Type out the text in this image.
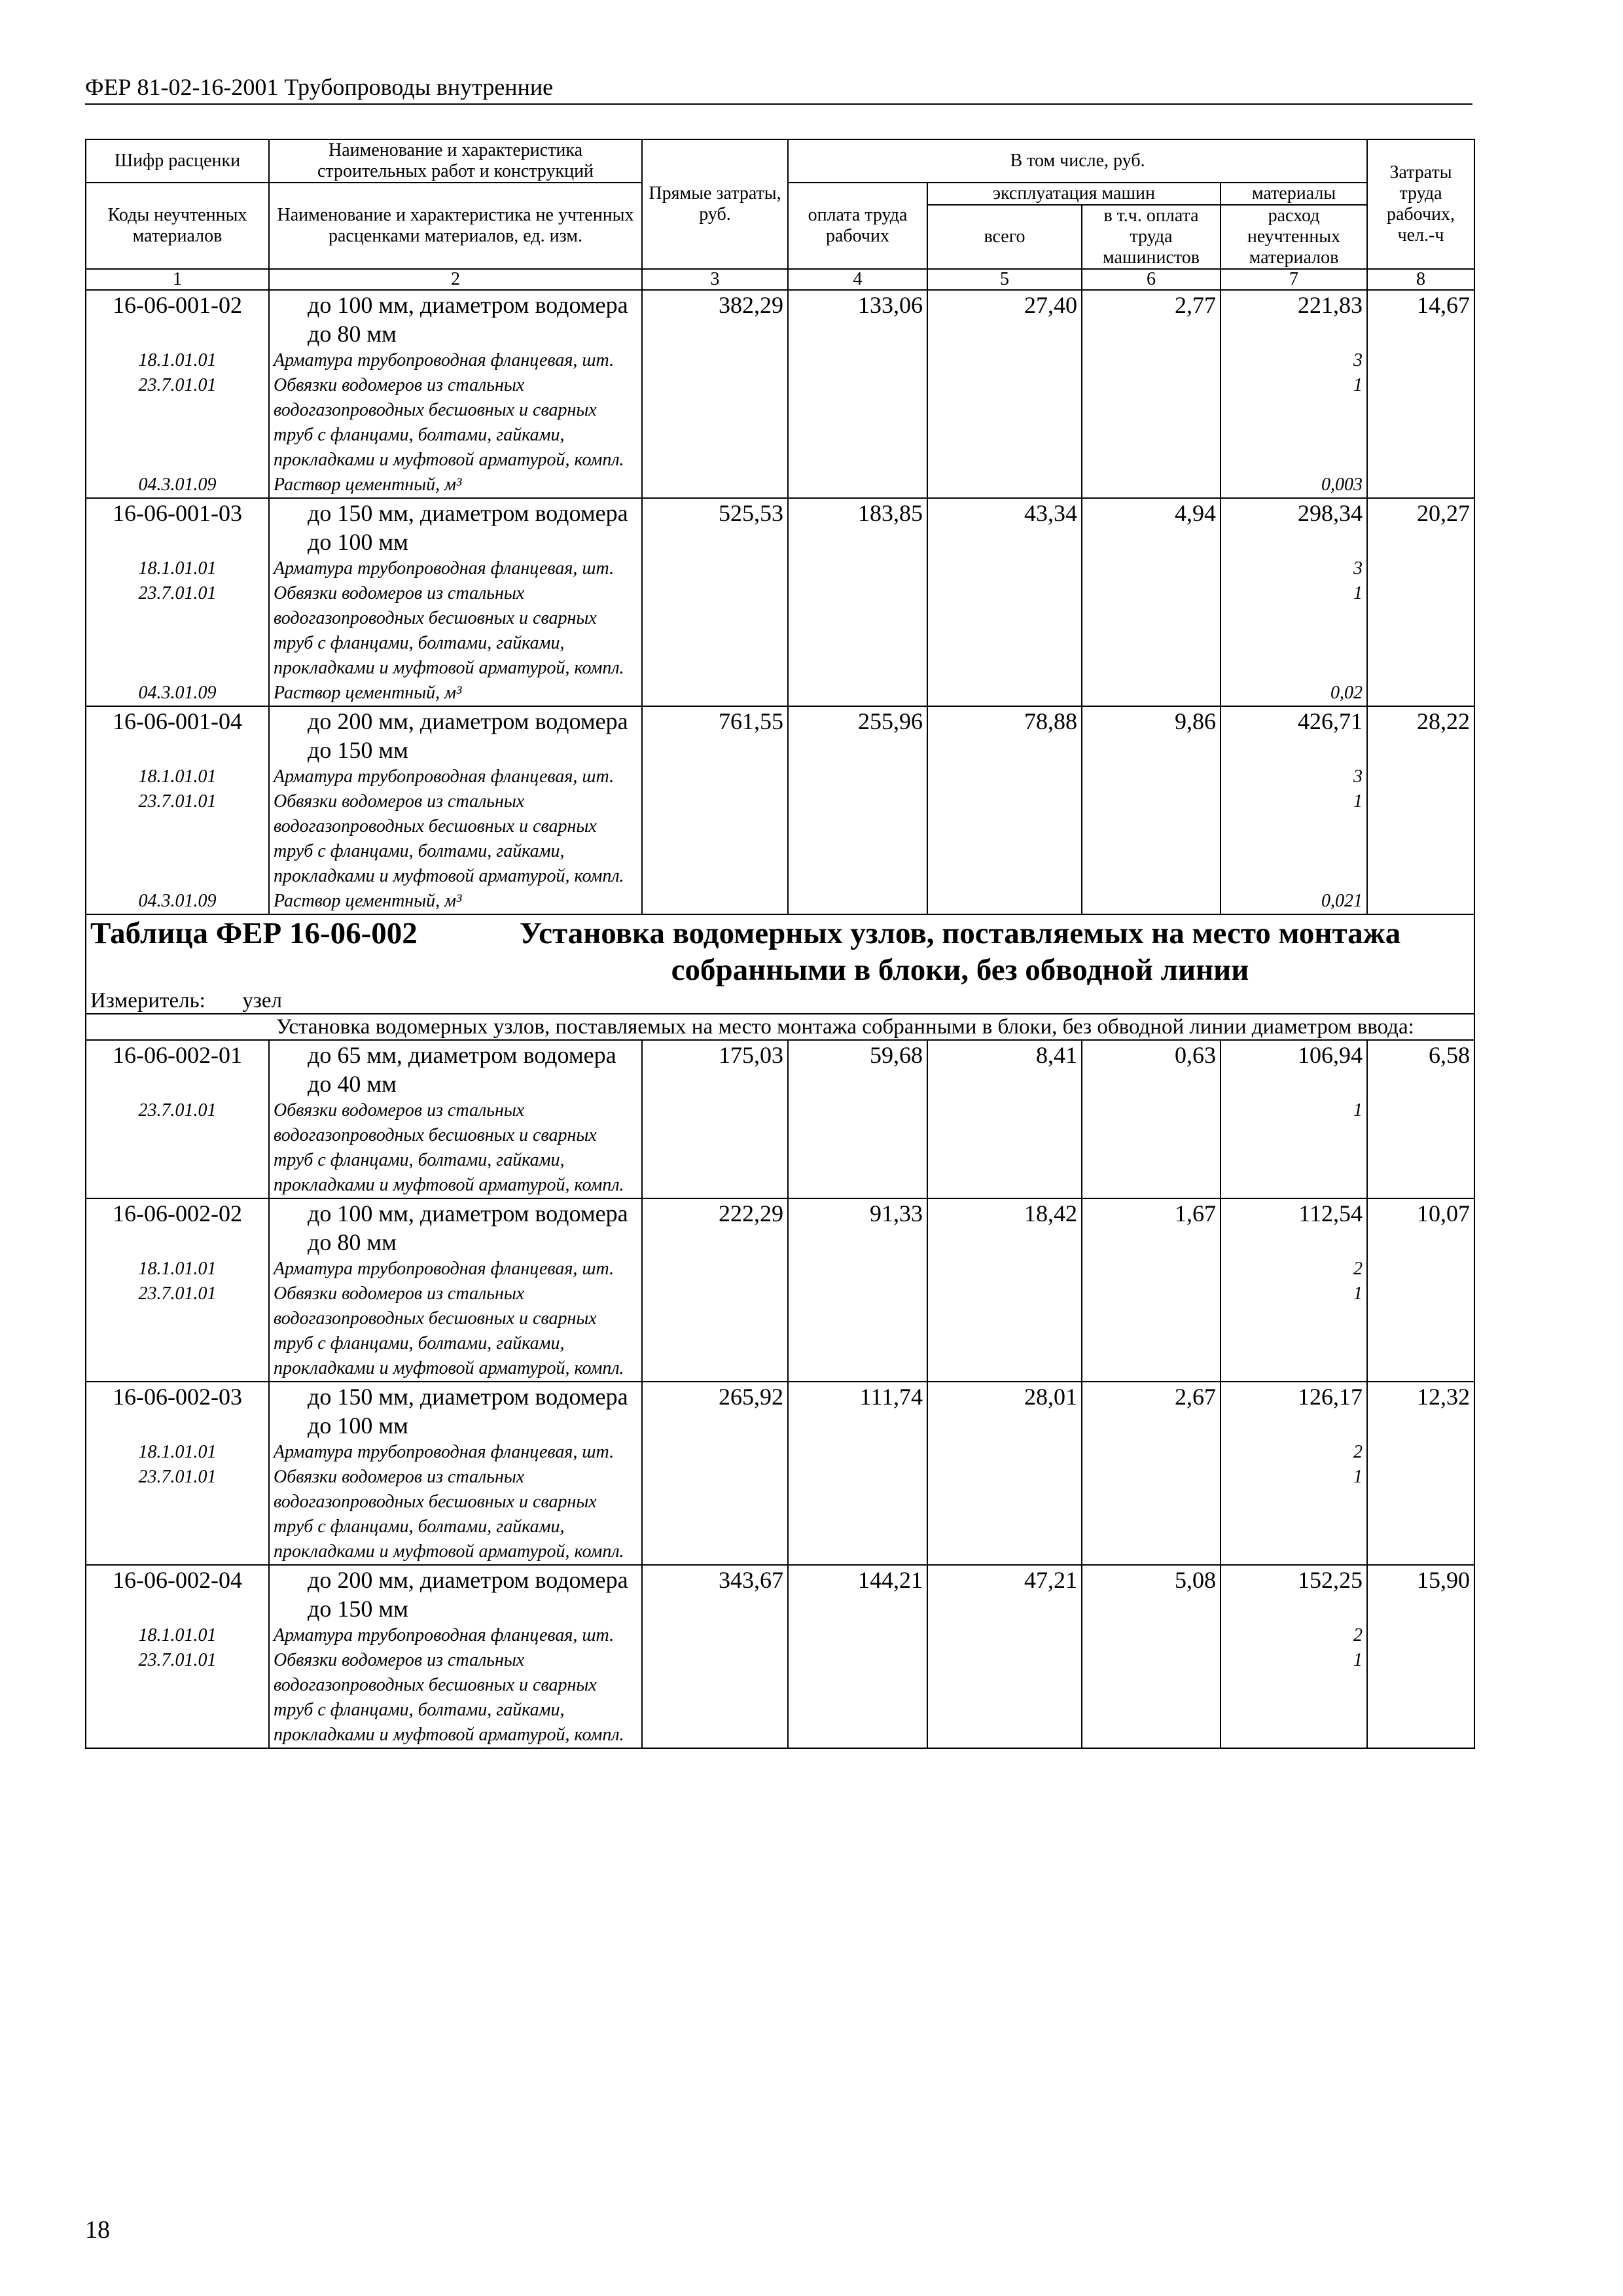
ФЕР 81-02-16-2001 Трубопроводы внутренние
Шифр расценки	Наименование и характеристика строительных работ и конструкций	Прямые затраты, руб.	В том числе, руб.				Затраты труда рабочих, чел.-ч
Коды неучтенных материалов	Наименование и характеристика не учтенных расценками материалов, ед. изм.		оплата труда рабочих	эксплуатация машин		материалы	
				всего	в т.ч. оплата труда машинистов	расход неучтенных материалов	

1	2	3	4	5	6	7	8
16-06-001-02	до 100 мм, диаметром водомера до 80 мм	382,29	133,06	27,40	2,77	221,83	14,67
18.1.01.01	Арматура трубопроводная фланцевая, шт.					3	
23.7.01.01	Обвязки водомеров из стальных водогазопроводных бесшовных и сварных труб с фланцами, болтами, гайками, прокладками и муфтовой арматурой, компл.					1	
04.3.01.09	Раствор цементный, м³					0,003	
16-06-001-03	до 150 мм, диаметром водомера до 100 мм	525,53	183,85	43,34	4,94	298,34	20,27
18.1.01.01	Арматура трубопроводная фланцевая, шт.					3	
23.7.01.01	Обвязки водомеров из стальных водогазопроводных бесшовных и сварных труб с фланцами, болтами, гайками, прокладками и муфтовой арматурой, компл.					1	
04.3.01.09	Раствор цементный, м³					0,02	
16-06-001-04	до 200 мм, диаметром водомера до 150 мм	761,55	255,96	78,88	9,86	426,71	28,22
18.1.01.01	Арматура трубопроводная фланцевая, шт.					3	
23.7.01.01	Обвязки водомеров из стальных водогазопроводных бесшовных и сварных труб с фланцами, болтами, гайками, прокладками и муфтовой арматурой, компл.					1	
04.3.01.09	Раствор цементный, м³					0,021	

Таблица ФЕР 16-06-002 Установка водомерных узлов, поставляемых на место монтажа собранными в блоки, без обводной линии							

Измеритель: узел							
Установка водомерных узлов, поставляемых на место монтажа собранными в блоки, без обводной линии диаметром ввода:							
16-06-002-01	до 65 мм, диаметром водомера до 40 мм	175,03	59,68	8,41	0,63	106,94	6,58
23.7.01.01	Обвязки водомеров из стальных водогазопроводных бесшовных и сварных труб с фланцами, болтами, гайками, прокладками и муфтовой арматурой, компл.					1	
16-06-002-02	до 100 мм, диаметром водомера до 80 мм	222,29	91,33	18,42	1,67	112,54	10,07
18.1.01.01	Арматура трубопроводная фланцевая, шт.					2	
23.7.01.01	Обвязки водомеров из стальных водогазопроводных бесшовных и сварных труб с фланцами, болтами, гайками, прокладками и муфтовой арматурой, компл.					1	
16-06-002-03	до 150 мм, диаметром водомера до 100 мм	265,92	111,74	28,01	2,67	126,17	12,32
18.1.01.01	Арматура трубопроводная фланцевая, шт.					2	
23.7.01.01	Обвязки водомеров из стальных водогазопроводных бесшовных и сварных труб с фланцами, болтами, гайками, прокладками и муфтовой арматурой, компл.					1	
16-06-002-04	до 200 мм, диаметром водомера до 150 мм	343,67	144,21	47,21	5,08	152,25	15,90
18.1.01.01	Арматура трубопроводная фланцевая, шт.					2	
23.7.01.01	Обвязки водомеров из стальных водогазопроводных бесшовных и сварных труб с фланцами, болтами, гайками, прокладками и муфтовой арматурой, компл.					1	
18
